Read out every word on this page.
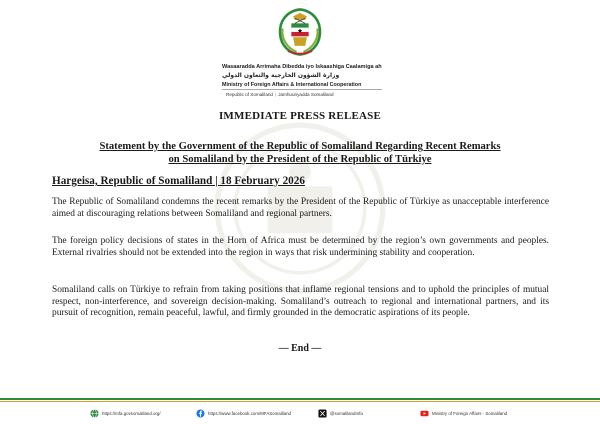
Wasaaradda Arrimaha Dibedda iyo Iskaashiga Caalamiga ah
وزارة الشؤون الخارجية والتعاون الدولي
Ministry of Foreign Affairs & International Cooperation
Republic of Somaliland | Jamhuuriyadda Somaliland
IMMEDIATE PRESS RELEASE
Statement by the Government of the Republic of Somaliland Regarding Recent Remarks
on Somaliland by the President of the Republic of Türkiye
Hargeisa, Republic of Somaliland | 18 February 2026
The Republic of Somaliland condemns the recent remarks by the President of the Republic of Türkiye as unacceptable interference aimed at discouraging relations between Somaliland and regional partners.
The foreign policy decisions of states in the Horn of Africa must be determined by the region’s own governments and peoples. External rivalries should not be extended into the region in ways that risk undermining stability and cooperation.
Somaliland calls on Türkiye to refrain from taking positions that inflame regional tensions and to uphold the principles of mutual respect, non-interference, and sovereign decision-making. Somaliland’s outreach to regional and international partners, and its pursuit of recognition, remain peaceful, lawful, and firmly grounded in the democratic aspirations of its people.
— End —
https://mfa.govsomaliland.org/	https://www.facebook.com/MFASomaliland	@somalilandmfa	Ministry of Foreign Affairs - Somaliland
